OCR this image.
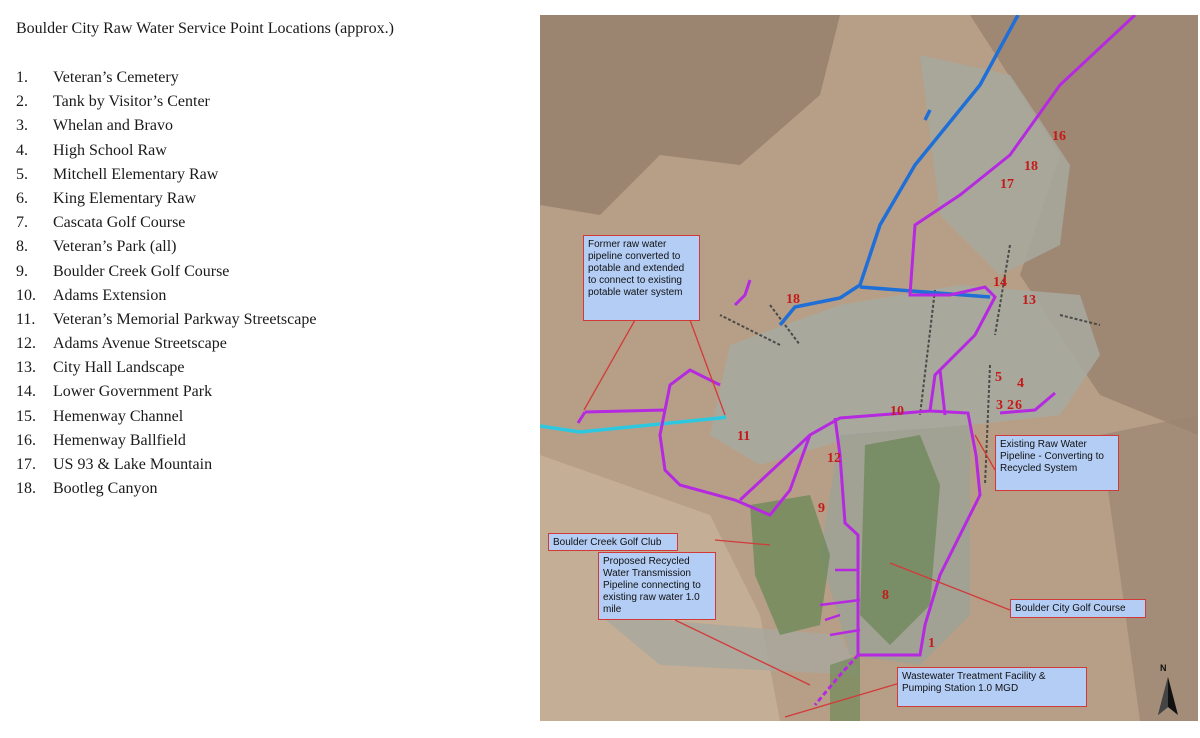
Boulder City Raw Water Service Point Locations (approx.)
1. Veteran’s Cemetery
2. Tank by Visitor’s Center
3. Whelan and Bravo
4. High School Raw
5. Mitchell Elementary Raw
6. King Elementary Raw
7. Cascata Golf Course
8. Veteran’s Park (all)
9. Boulder Creek Golf Course
10. Adams Extension
11. Veteran’s Memorial Parkway Streetscape
12. Adams Avenue Streetscape
13. City Hall Landscape
14. Lower Government Park
15. Hemenway Channel
16. Hemenway Ballfield
17. US 93 & Lake Mountain
18. Bootleg Canyon
Former raw water pipeline converted to potable and extended to connect to existing potable water system
Existing Raw Water Pipeline - Converting to Recycled System
Boulder Creek Golf Club
Proposed Recycled Water Transmission Pipeline connecting to existing raw water 1.0 mile	Boulder City Golf Course
Wastewater Treatment Facility & Pumping Station 1.0 MGD
1
2
3
4
5
6
8
9
10
11
12
13
14
16
17
18
18
N
